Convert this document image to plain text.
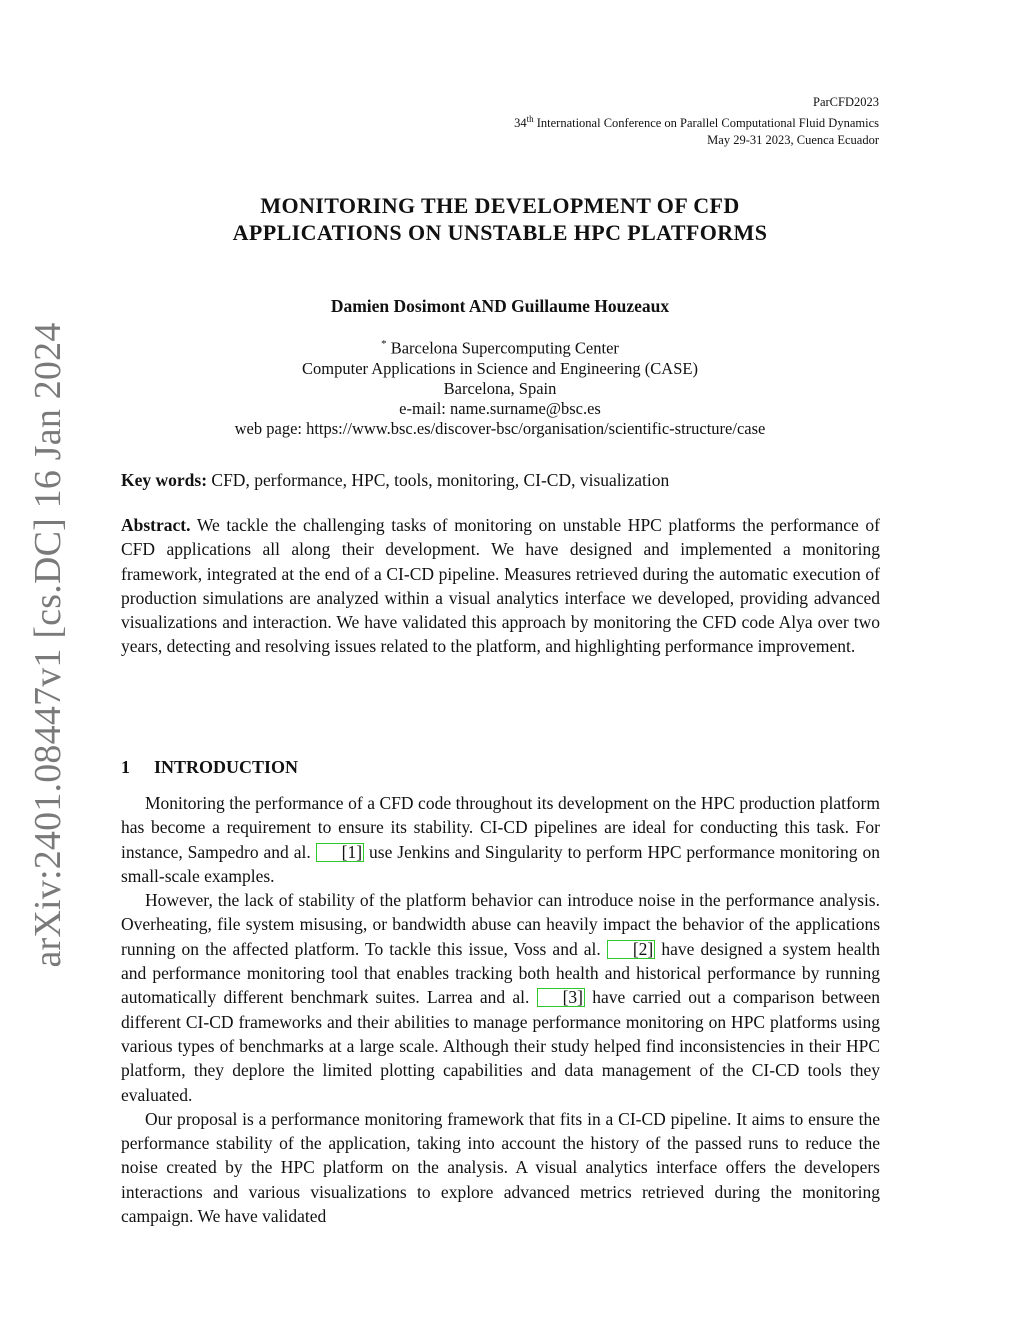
arXiv:2401.08447v1 [cs.DC] 16 Jan 2024
ParCFD2023
34th International Conference on Parallel Computational Fluid Dynamics
May 29-31 2023, Cuenca Ecuador
MONITORING THE DEVELOPMENT OF CFD
APPLICATIONS ON UNSTABLE HPC PLATFORMS
Damien Dosimont AND Guillaume Houzeaux
* Barcelona Supercomputing Center
Computer Applications in Science and Engineering (CASE)
Barcelona, Spain
e-mail: name.surname@bsc.es
web page: https://www.bsc.es/discover-bsc/organisation/scientific-structure/case
Key words: CFD, performance, HPC, tools, monitoring, CI-CD, visualization
Abstract. We tackle the challenging tasks of monitoring on unstable HPC platforms the performance of CFD applications all along their development. We have designed and implemented a monitoring framework, integrated at the end of a CI-CD pipeline. Measures retrieved during the automatic execution of production simulations are analyzed within a visual analytics interface we developed, providing advanced visualizations and interaction. We have validated this approach by monitoring the CFD code Alya over two years, detecting and resolving issues related to the platform, and highlighting performance improvement.
1 INTRODUCTION

Monitoring the performance of a CFD code throughout its development on the HPC production platform has become a requirement to ensure its stability. CI-CD pipelines are ideal for conducting this task. For instance, Sampedro and al. [1] use Jenkins and Singularity to perform HPC performance monitoring on small-scale examples.

However, the lack of stability of the platform behavior can introduce noise in the performance analysis. Overheating, file system misusing, or bandwidth abuse can heavily impact the behavior of the applications running on the affected platform. To tackle this issue, Voss and al. [2] have designed a system health and performance monitoring tool that enables tracking both health and historical performance by running automatically different benchmark suites. Larrea and al. [3] have carried out a comparison between different CI-CD frameworks and their abilities to manage performance monitoring on HPC platforms using various types of benchmarks at a large scale. Although their study helped find inconsistencies in their HPC platform, they deplore the limited plotting capabilities and data management of the CI-CD tools they evaluated.

Our proposal is a performance monitoring framework that fits in a CI-CD pipeline. It aims to ensure the performance stability of the application, taking into account the history of the passed runs to reduce the noise created by the HPC platform on the analysis. A visual analytics interface offers the developers interactions and various visualizations to explore advanced metrics retrieved during the monitoring campaign. We have validated
